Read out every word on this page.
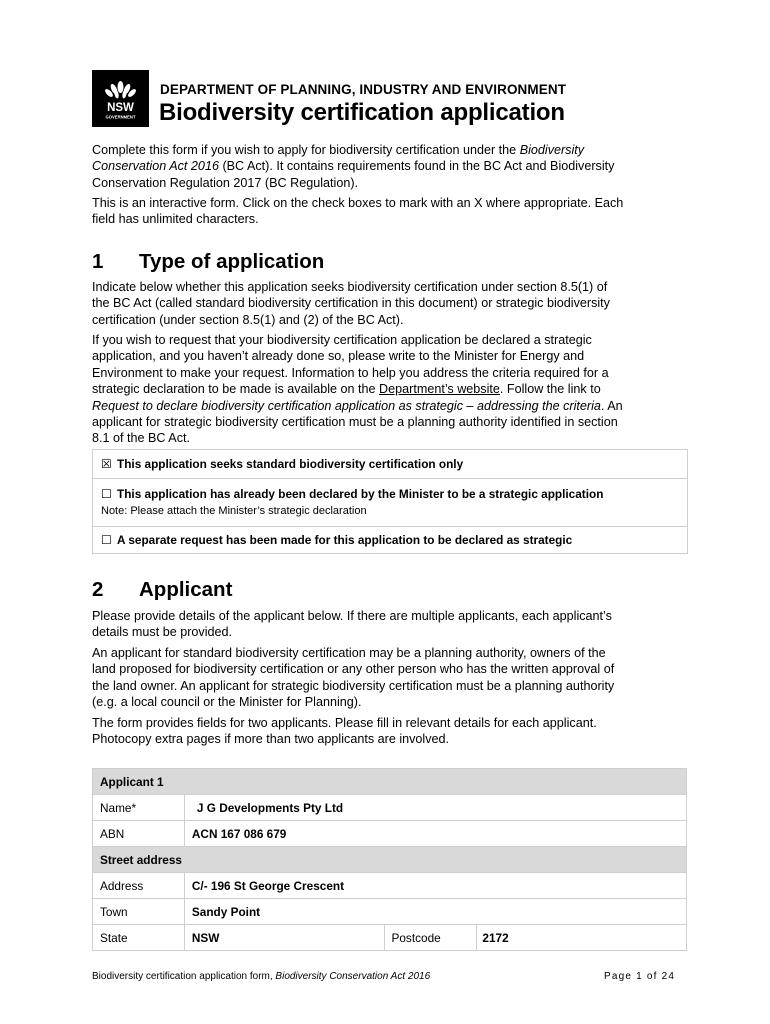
NSW
GOVERNMENT
DEPARTMENT OF PLANNING, INDUSTRY AND ENVIRONMENT
Biodiversity certification application

Complete this form if you wish to apply for biodiversity certification under the Biodiversity
Conservation Act 2016 (BC Act). It contains requirements found in the BC Act and Biodiversity
Conservation Regulation 2017 (BC Regulation).

This is an interactive form. Click on the check boxes to mark with an X where appropriate. Each
field has unlimited characters.

1 Type of application

Indicate below whether this application seeks biodiversity certification under section 8.5(1) of
the BC Act (called standard biodiversity certification in this document) or strategic biodiversity
certification (under section 8.5(1) and (2) of the BC Act).

If you wish to request that your biodiversity certification application be declared a strategic
application, and you haven’t already done so, please write to the Minister for Energy and
Environment to make your request. Information to help you address the criteria required for a
strategic declaration to be made is available on the Department’s website. Follow the link to
Request to declare biodiversity certification application as strategic – addressing the criteria. An
applicant for strategic biodiversity certification must be a planning authority identified in section
8.1 of the BC Act.

☒ This application seeks standard biodiversity certification only
☐ This application has already been declared by the Minister to be a strategic application
Note: Please attach the Minister’s strategic declaration
☐ A separate request has been made for this application to be declared as strategic
2 Applicant

Please provide details of the applicant below. If there are multiple applicants, each applicant’s
details must be provided.

An applicant for standard biodiversity certification may be a planning authority, owners of the
land proposed for biodiversity certification or any other person who has the written approval of
the land owner. An applicant for strategic biodiversity certification must be a planning authority
(e.g. a local council or the Minister for Planning).

The form provides fields for two applicants. Please fill in relevant details for each applicant.
Photocopy extra pages if more than two applicants are involved.

Applicant 1			
Name*	J G Developments Pty Ltd		
ABN	ACN 167 086 679		
Street address			
Address	C/- 196 St George Crescent		
Town	Sandy Point		
State	NSW	Postcode	2172
Biodiversity certification application form, Biodiversity Conservation Act 2016	Page 1 of 24
